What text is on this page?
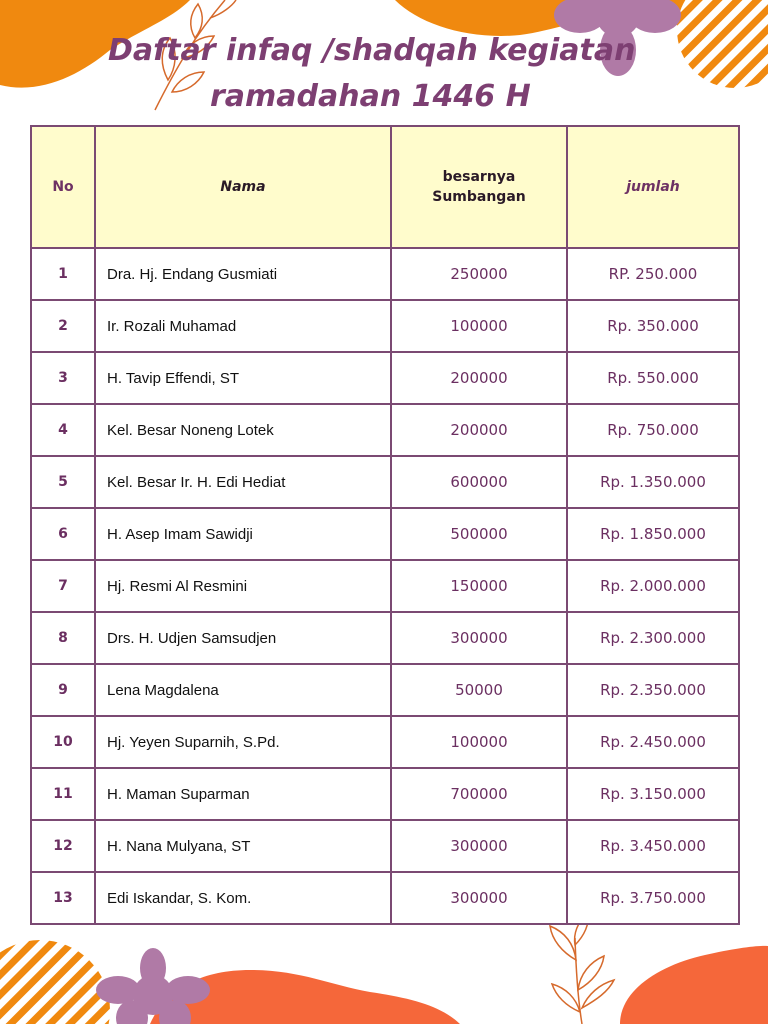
Daftar infaq /shadqah kegiatan
ramadahan 1446 H
No	Nama	besarnya Sumbangan	jumlah
1	Dra. Hj. Endang Gusmiati	250000	RP. 250.000
2	Ir. Rozali Muhamad	100000	Rp. 350.000
3	H. Tavip Effendi, ST	200000	Rp. 550.000
4	Kel. Besar Noneng Lotek	200000	Rp. 750.000
5	Kel. Besar Ir. H. Edi Hediat	600000	Rp. 1.350.000
6	H. Asep Imam Sawidji	500000	Rp. 1.850.000
7	Hj. Resmi Al Resmini	150000	Rp. 2.000.000
8	Drs. H. Udjen Samsudjen	300000	Rp. 2.300.000
9	Lena Magdalena	50000	Rp. 2.350.000
10	Hj. Yeyen Suparnih, S.Pd.	100000	Rp. 2.450.000
11	H. Maman Suparman	700000	Rp. 3.150.000
12	H. Nana Mulyana, ST	300000	Rp. 3.450.000
13	Edi Iskandar, S. Kom.	300000	Rp. 3.750.000
